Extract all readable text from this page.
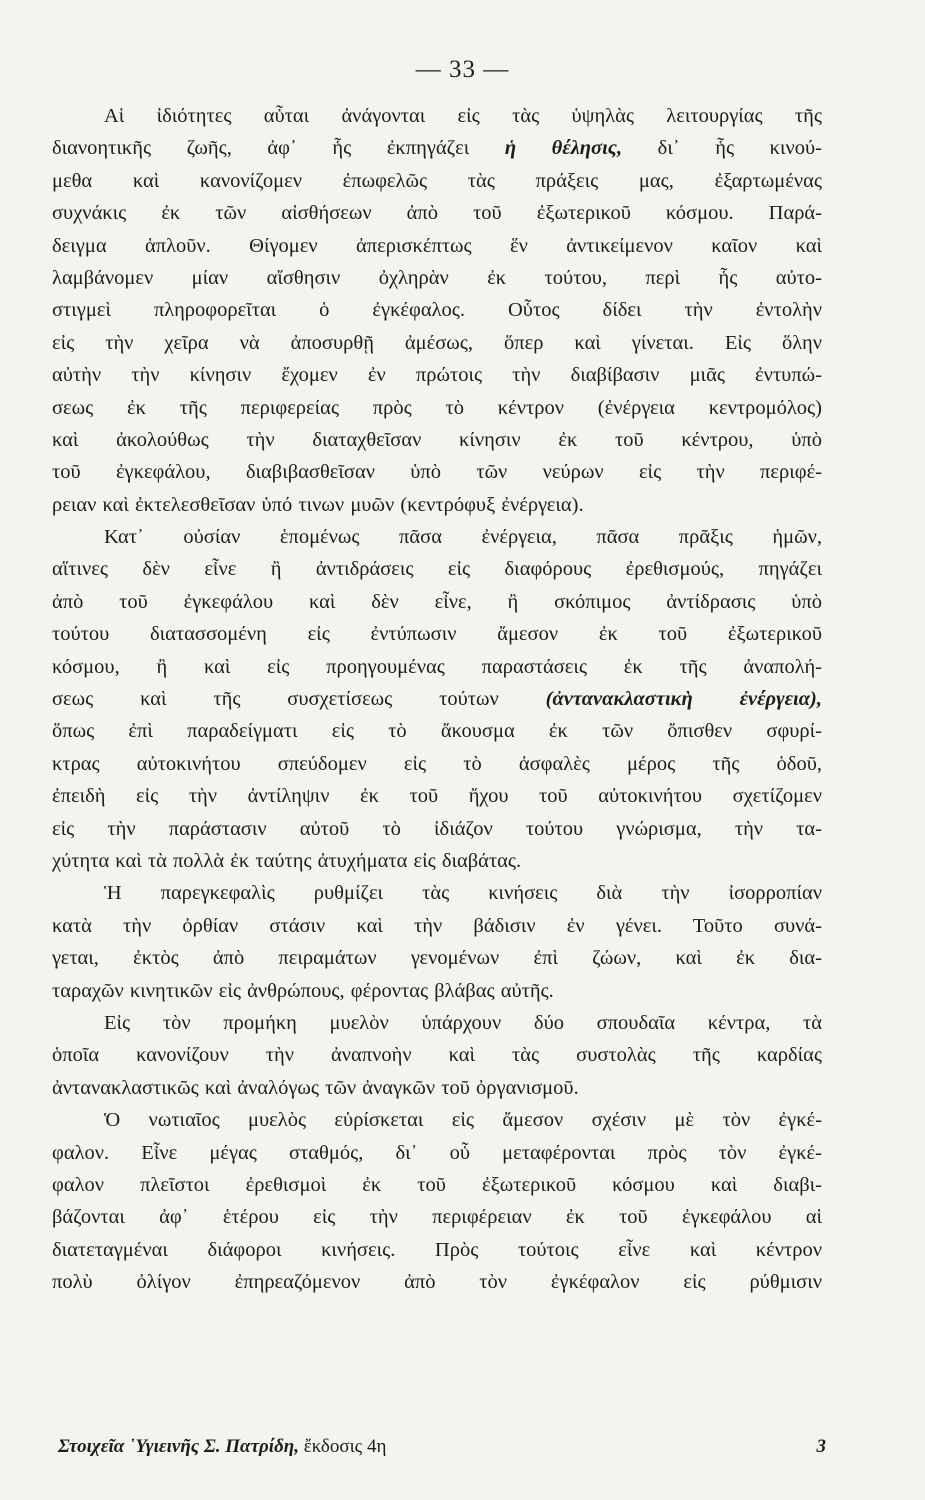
— 33 —
Αἱ ἰδιότητες αὗται ἀνάγονται εἰς τὰς ὑψηλὰς λειτουργίας τῆς
διανοητικῆς ζωῆς, ἀφ᾽ ἧς ἐκπηγάζει ἡ θέλησις, δι᾽ ἧς κινού-
μεθα καὶ κανονίζομεν ἐπωφελῶς τὰς πράξεις μας, ἐξαρτωμένας
συχνάκις ἐκ τῶν αἰσθήσεων ἀπὸ τοῦ ἐξωτερικοῦ κόσμου. Παρά-
δειγμα ἁπλοῦν. Θίγομεν ἀπερισκέπτως ἕν ἀντικείμενον καῖον καὶ
λαμβάνομεν μίαν αἴσθησιν ὀχληρὰν ἐκ τούτου, περὶ ἧς αὐτο-
στιγμεὶ πληροφορεῖται ὁ ἐγκέφαλος. Οὗτος δίδει τὴν ἐντολὴν
εἰς τὴν χεῖρα νὰ ἀποσυρθῇ ἀμέσως, ὅπερ καὶ γίνεται. Εἰς ὅλην
αὐτὴν τὴν κίνησιν ἔχομεν ἐν πρώτοις τὴν διαβίβασιν μιᾶς ἐντυπώ-
σεως ἐκ τῆς περιφερείας πρὸς τὸ κέντρον (ἐνέργεια κεντρομόλος)
καὶ ἀκολούθως τὴν διαταχθεῖσαν κίνησιν ἐκ τοῦ κέντρου, ὑπὸ
τοῦ ἐγκεφάλου, διαβιβασθεῖσαν ὑπὸ τῶν νεύρων εἰς τὴν περιφέ-
ρειαν καὶ ἐκτελεσθεῖσαν ὑπό τινων μυῶν (κεντρόφυξ ἐνέργεια).
Κατ᾽ οὐσίαν ἑπομένως πᾶσα ἐνέργεια, πᾶσα πρᾶξις ἡμῶν,
αἵτινες δὲν εἶνε ἢ ἀντιδράσεις εἰς διαφόρους ἐρεθισμούς, πηγάζει
ἀπὸ τοῦ ἐγκεφάλου καὶ δὲν εἶνε, ἢ σκόπιμος ἀντίδρασις ὑπὸ
τούτου διατασσομένη εἰς ἐντύπωσιν ἄμεσον ἐκ τοῦ ἐξωτερικοῦ
κόσμου, ἢ καὶ εἰς προηγουμένας παραστάσεις ἐκ τῆς ἀναπολή-
σεως καὶ τῆς συσχετίσεως τούτων (ἀντανακλαστικὴ ἐνέργεια),
ὅπως ἐπὶ παραδείγματι εἰς τὸ ἄκουσμα ἐκ τῶν ὄπισθεν σφυρί-
κτρας αὐτοκινήτου σπεύδομεν εἰς τὸ ἀσφαλὲς μέρος τῆς ὁδοῦ,
ἐπειδὴ εἰς τὴν ἀντίληψιν ἐκ τοῦ ἤχου τοῦ αὐτοκινήτου σχετίζομεν
εἰς τὴν παράστασιν αὐτοῦ τὸ ἰδιάζον τούτου γνώρισμα, τὴν τα-
χύτητα καὶ τὰ πολλὰ ἐκ ταύτης ἀτυχήματα εἰς διαβάτας.
Ἡ παρεγκεφαλὶς ρυθμίζει τὰς κινήσεις διὰ τὴν ἰσορροπίαν
κατὰ τὴν ὀρθίαν στάσιν καὶ τὴν βάδισιν ἐν γένει. Τοῦτο συνά-
γεται, ἐκτὸς ἀπὸ πειραμάτων γενομένων ἐπὶ ζώων, καὶ ἐκ δια-
ταραχῶν κινητικῶν εἰς ἀνθρώπους, φέροντας βλάβας αὐτῆς.
Εἰς τὸν προμήκη μυελὸν ὑπάρχουν δύο σπουδαῖα κέντρα, τὰ
ὁποῖα κανονίζουν τὴν ἀναπνοὴν καὶ τὰς συστολὰς τῆς καρδίας
ἀντανακλαστικῶς καὶ ἀναλόγως τῶν ἀναγκῶν τοῦ ὀργανισμοῦ.
Ὁ νωτιαῖος μυελὸς εὑρίσκεται εἰς ἄμεσον σχέσιν μὲ τὸν ἐγκέ-
φαλον. Εἶνε μέγας σταθμός, δι᾽ οὗ μεταφέρονται πρὸς τὸν ἐγκέ-
φαλον πλεῖστοι ἐρεθισμοὶ ἐκ τοῦ ἐξωτερικοῦ κόσμου καὶ διαβι-
βάζονται ἀφ᾽ ἑτέρου εἰς τὴν περιφέρειαν ἐκ τοῦ ἐγκεφάλου αἱ
διατεταγμέναι διάφοροι κινήσεις. Πρὸς τούτοις εἶνε καὶ κέντρον
πολὺ ὀλίγον ἐπηρεαζόμενον ἀπὸ τὸν ἐγκέφαλον εἰς ρύθμισιν
Στοιχεῖα ῾Υγιεινῆς Σ. Πατρίδη, ἔκδοσις 4η	3
